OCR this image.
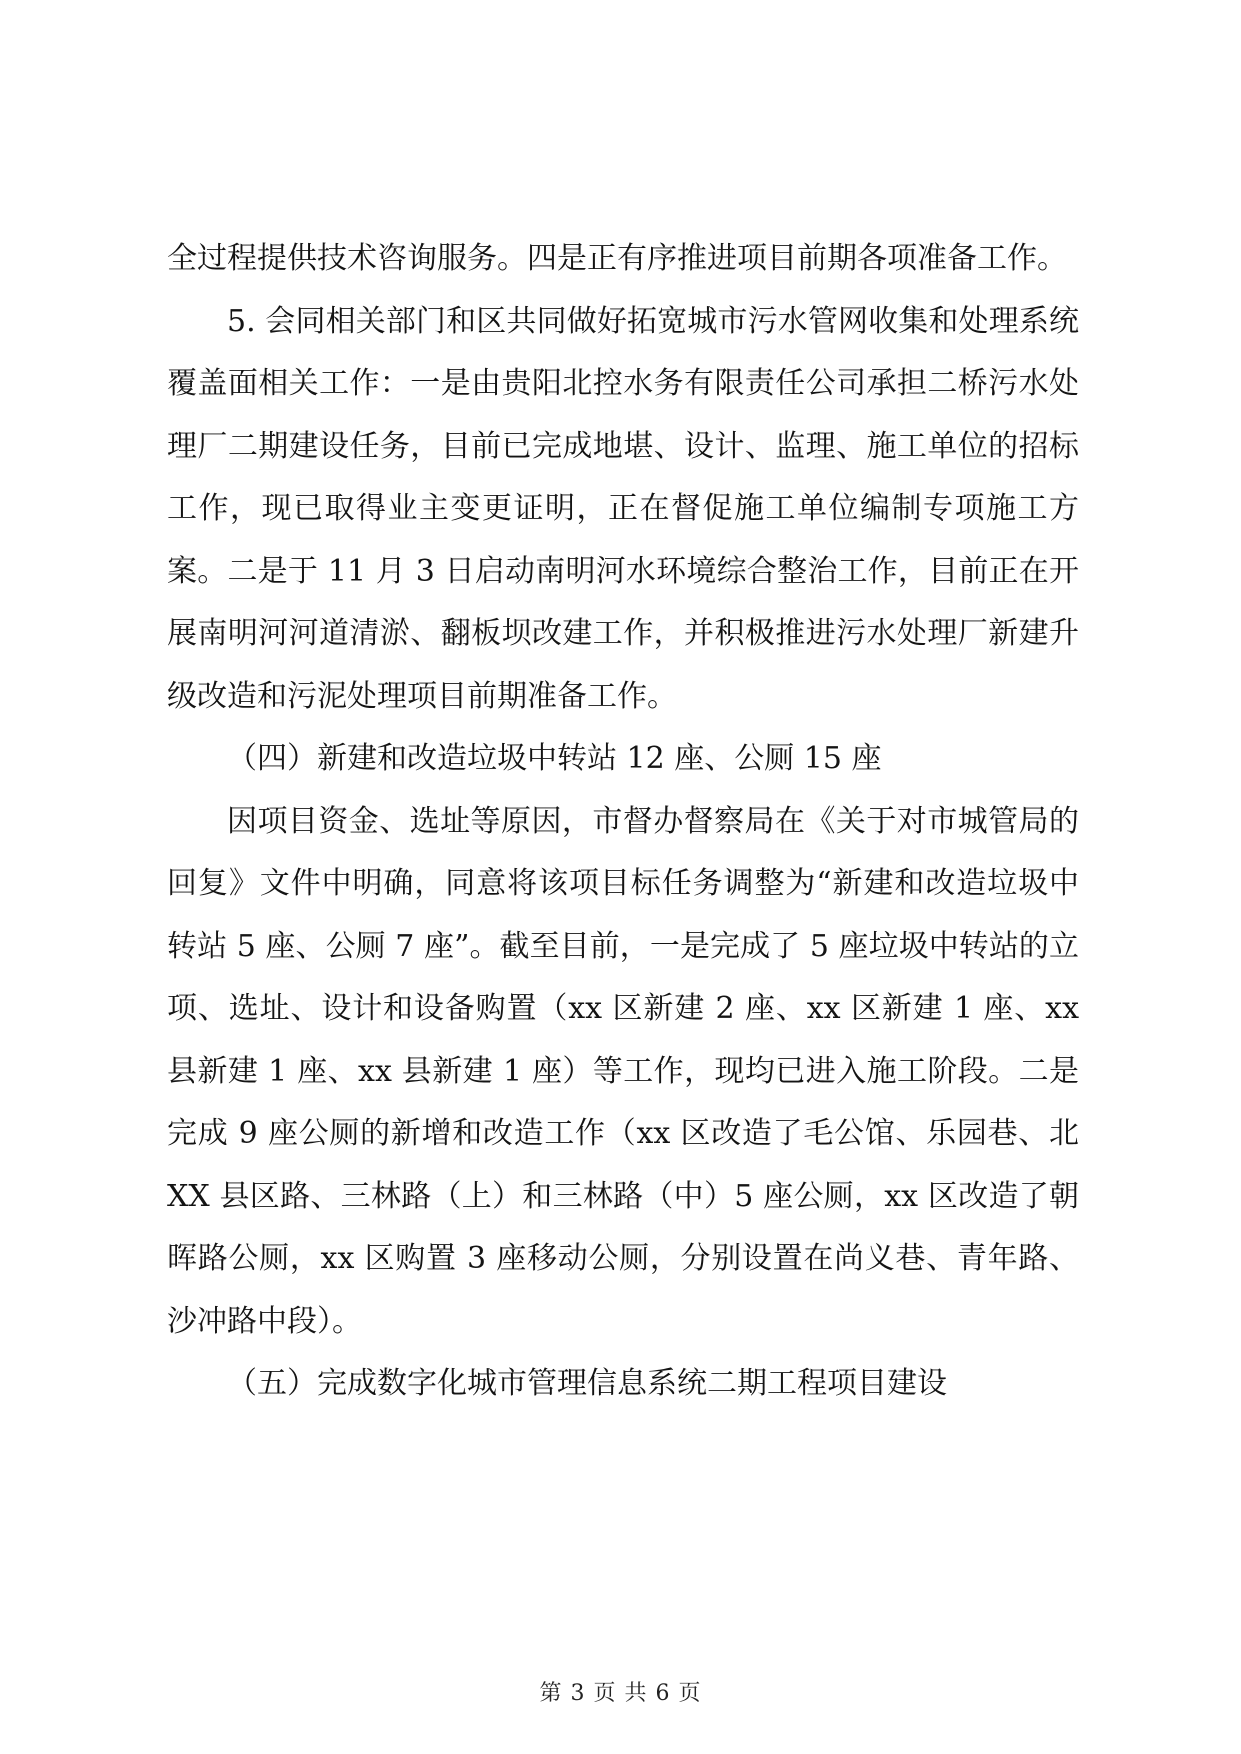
全过程提供技术咨询服务。四是正有序推进项目前期各项准备工作。

5. 会同相关部门和区共同做好拓宽城市污水管网收集和处理系统覆盖面相关工作：一是由贵阳北控水务有限责任公司承担二桥污水处理厂二期建设任务，目前已完成地堪、设计、监理、施工单位的招标工作，现已取得业主变更证明，正在督促施工单位编制专项施工方案。二是于 11 月 3 日启动南明河水环境综合整治工作，目前正在开展南明河河道清淤、翻板坝改建工作，并积极推进污水处理厂新建升级改造和污泥处理项目前期准备工作。

（四）新建和改造垃圾中转站 12 座、公厕 15 座

因项目资金、选址等原因，市督办督察局在《关于对市城管局的回复》文件中明确，同意将该项目标任务调整为“新建和改造垃圾中转站 5 座、公厕 7 座”。截至目前，一是完成了 5 座垃圾中转站的立项、选址、设计和设备购置（xx 区新建 2 座、xx 区新建 1 座、xx 县新建 1 座、xx 县新建 1 座）等工作，现均已进入施工阶段。二是完成 9 座公厕的新增和改造工作（xx 区改造了毛公馆、乐园巷、北 XX 县区路、三林路（上）和三林路（中）5 座公厕，xx 区改造了朝晖路公厕，xx 区购置 3 座移动公厕，分别设置在尚义巷、青年路、沙冲路中段）。

（五）完成数字化城市管理信息系统二期工程项目建设

第 3 页 共 6 页
